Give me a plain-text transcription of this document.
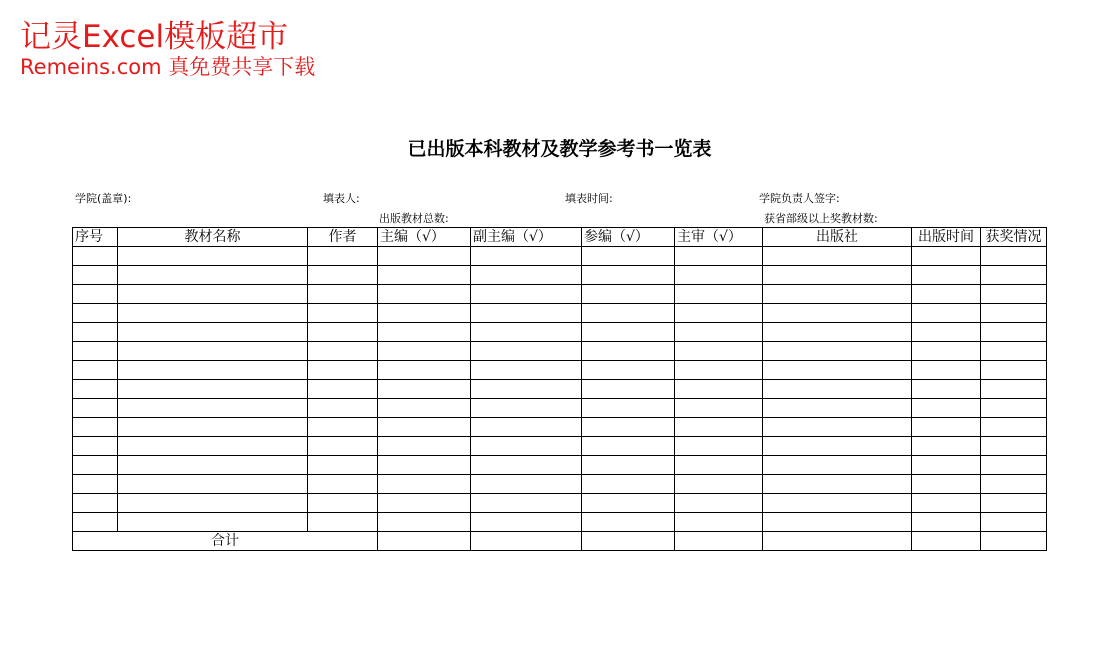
记灵Excel模板超市
Remeins.com 真免费共享下载
已出版本科教材及教学参考书一览表
学院(盖章):	填表人:	填表时间:	学院负责人签字:
出版教材总数:	获省部级以上奖教材数:
序号	教材名称	作者	主编（√）	副主编（√）	参编（√）	主审（√）	出版社	出版时间	获奖情况

合计									
